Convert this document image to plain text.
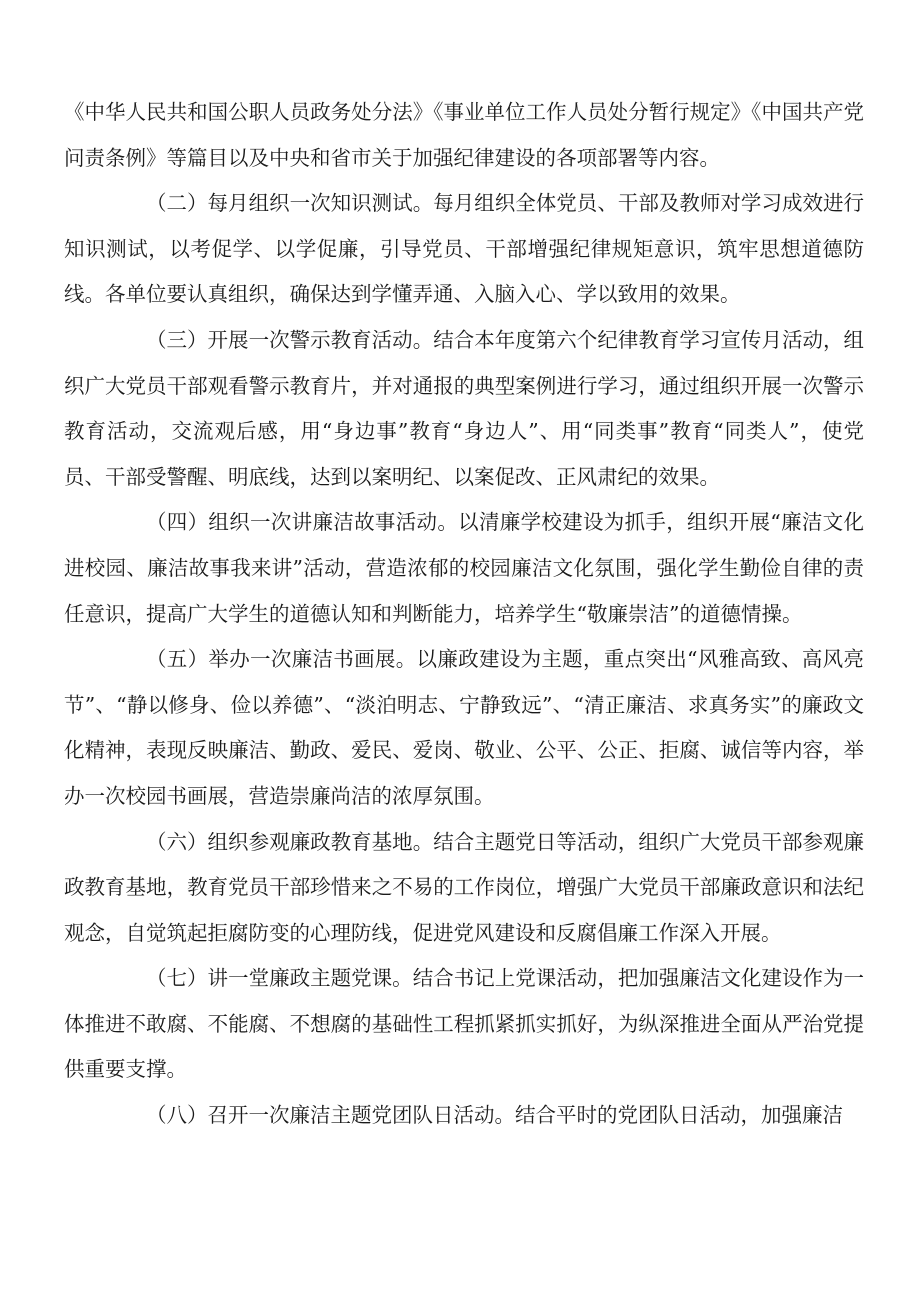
《中华人民共和国公职人员政务处分法》《事业单位工作人员处分暂行规定》《中国共产党问责条例》等篇目以及中央和省市关于加强纪律建设的各项部署等内容。

（二）每月组织一次知识测试。每月组织全体党员、干部及教师对学习成效进行知识测试，以考促学、以学促廉，引导党员、干部增强纪律规矩意识，筑牢思想道德防线。各单位要认真组织，确保达到学懂弄通、入脑入心、学以致用的效果。

（三）开展一次警示教育活动。结合本年度第六个纪律教育学习宣传月活动，组织广大党员干部观看警示教育片，并对通报的典型案例进行学习，通过组织开展一次警示教育活动，交流观后感，用“身边事”教育“身边人”、用“同类事”教育“同类人”，使党员、干部受警醒、明底线，达到以案明纪、以案促改、正风肃纪的效果。

（四）组织一次讲廉洁故事活动。以清廉学校建设为抓手，组织开展“廉洁文化进校园、廉洁故事我来讲”活动，营造浓郁的校园廉洁文化氛围，强化学生勤俭自律的责任意识，提高广大学生的道德认知和判断能力，培养学生“敬廉崇洁”的道德情操。

（五）举办一次廉洁书画展。以廉政建设为主题，重点突出“风雅高致、高风亮节”、“静以修身、俭以养德”、“淡泊明志、宁静致远”、“清正廉洁、求真务实”的廉政文化精神，表现反映廉洁、勤政、爱民、爱岗、敬业、公平、公正、拒腐、诚信等内容，举办一次校园书画展，营造崇廉尚洁的浓厚氛围。

（六）组织参观廉政教育基地。结合主题党日等活动，组织广大党员干部参观廉政教育基地，教育党员干部珍惜来之不易的工作岗位，增强广大党员干部廉政意识和法纪观念，自觉筑起拒腐防变的心理防线，促进党风建设和反腐倡廉工作深入开展。

（七）讲一堂廉政主题党课。结合书记上党课活动，把加强廉洁文化建设作为一体推进不敢腐、不能腐、不想腐的基础性工程抓紧抓实抓好，为纵深推进全面从严治党提供重要支撑。

（八）召开一次廉洁主题党团队日活动。结合平时的党团队日活动，加强廉洁
